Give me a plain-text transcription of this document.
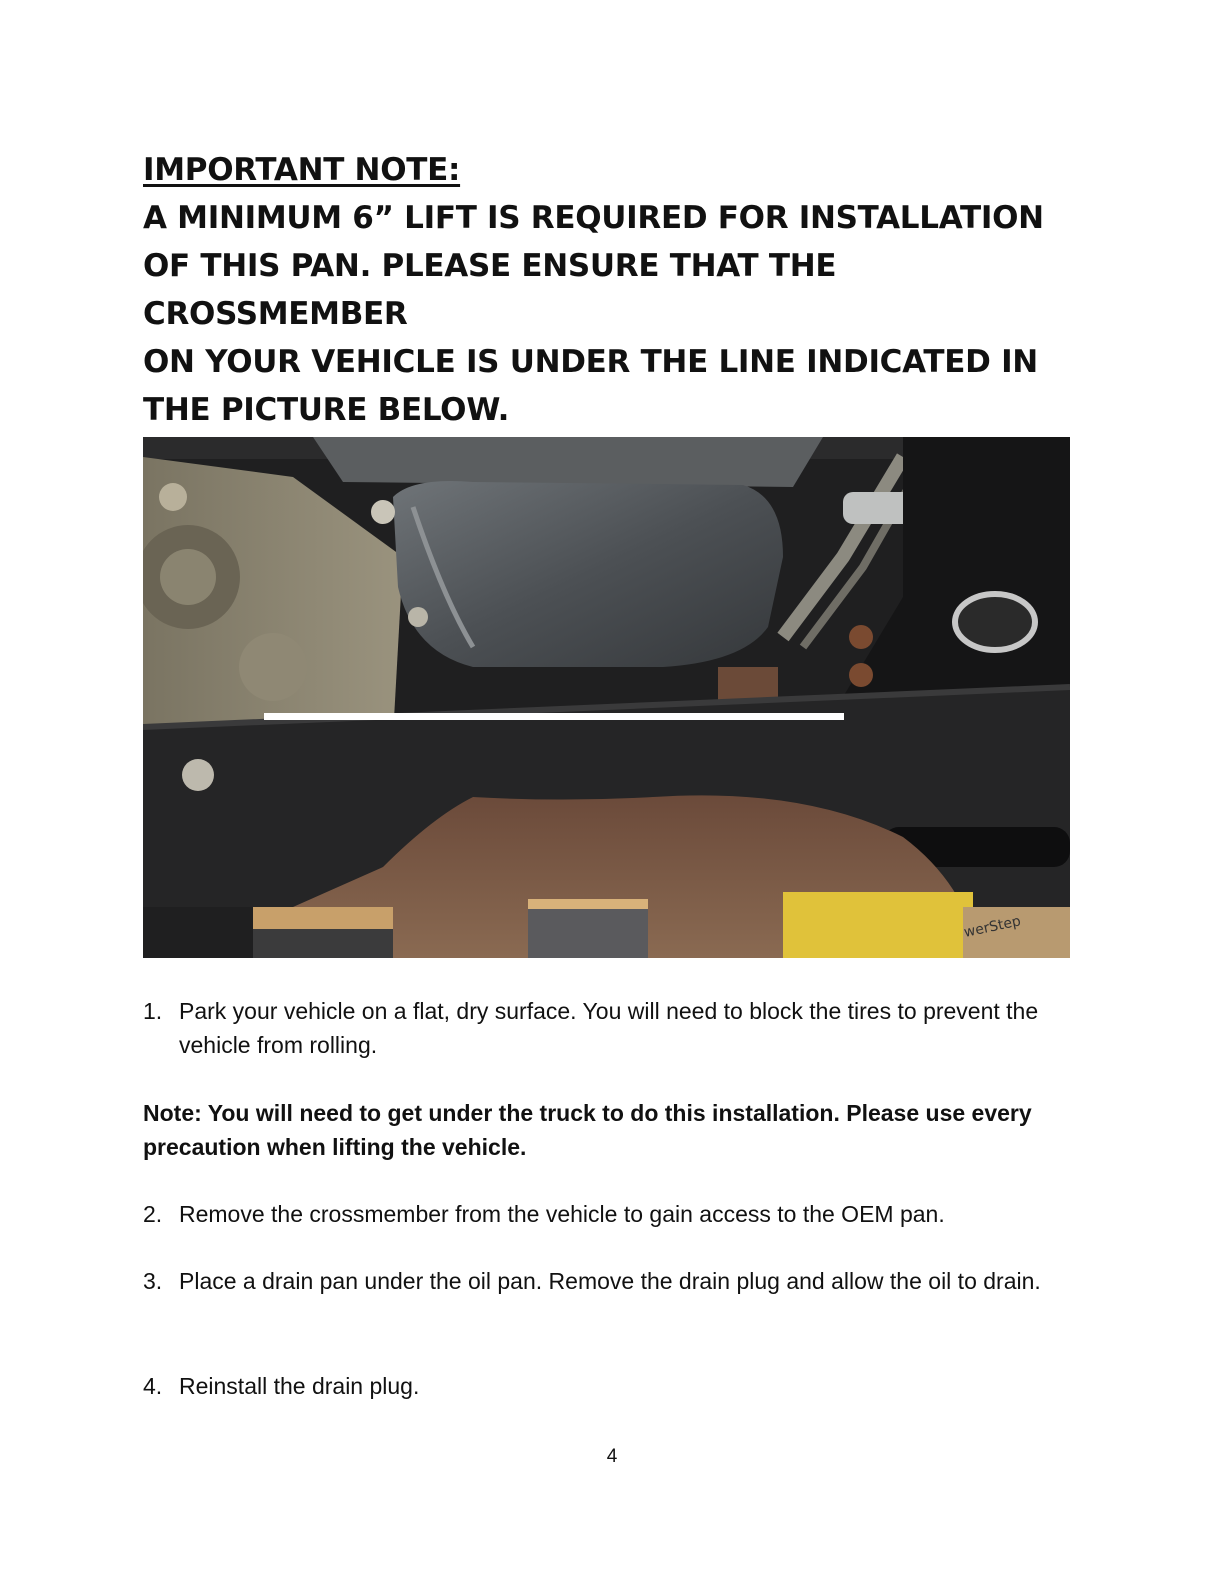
IMPORTANT NOTE:
A MINIMUM 6” LIFT IS REQUIRED FOR INSTALLATION
OF THIS PAN. PLEASE ENSURE THAT THE CROSSMEMBER
ON YOUR VEHICLE IS UNDER THE LINE INDICATED IN
THE PICTURE BELOW.
werStep
1. Park your vehicle on a flat, dry surface. You will need to block the tires to prevent the vehicle from rolling.
Note: You will need to get under the truck to do this installation. Please use every precaution when lifting the vehicle.
2. Remove the crossmember from the vehicle to gain access to the OEM pan.
3. Place a drain pan under the oil pan. Remove the drain plug and allow the oil to drain.
4. Reinstall the drain plug.
4
